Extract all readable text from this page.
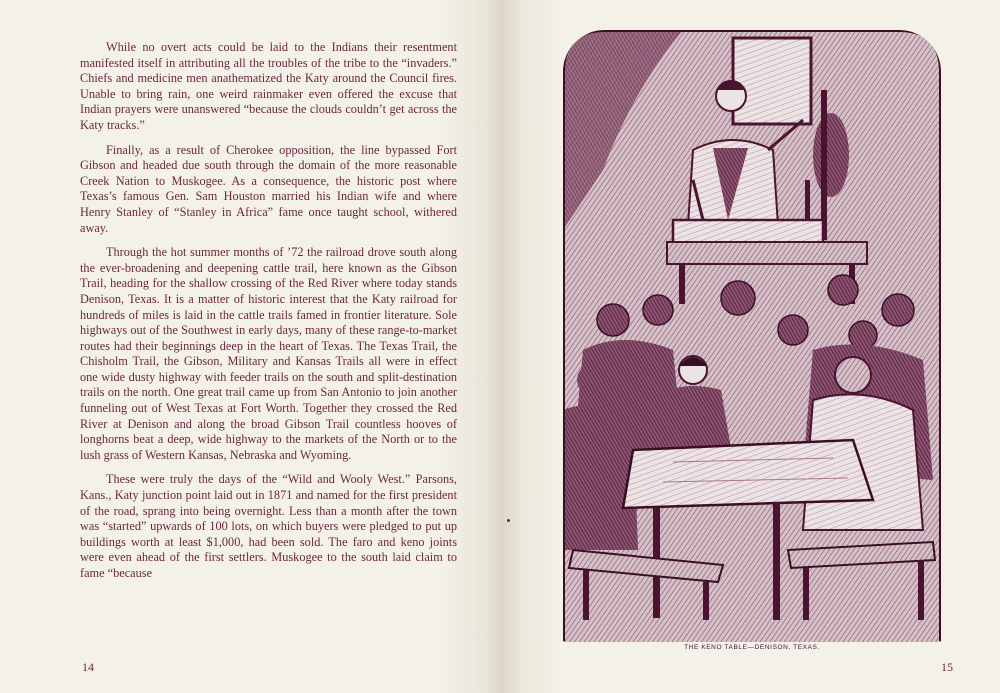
While no overt acts could be laid to the Indians their resentment manifested itself in attributing all the troubles of the tribe to the “invaders.” Chiefs and medicine men anathematized the Katy around the Council fires. Unable to bring rain, one weird rainmaker even offered the excuse that Indian prayers were unanswered “because the clouds couldn’t get across the Katy tracks.”

Finally, as a result of Cherokee opposition, the line bypassed Fort Gibson and headed due south through the domain of the more reasonable Creek Nation to Muskogee. As a consequence, the historic post where Texas’s famous Gen. Sam Houston married his Indian wife and where Henry Stanley of “Stanley in Africa” fame once taught school, withered away.

Through the hot summer months of ’72 the railroad drove south along the ever-broadening and deepening cattle trail, here known as the Gibson Trail, heading for the shallow crossing of the Red River where today stands Denison, Texas. It is a matter of historic interest that the Katy railroad for hundreds of miles is laid in the cattle trails famed in frontier literature. Sole highways out of the Southwest in early days, many of these range-to-market routes had their beginnings deep in the heart of Texas. The Texas Trail, the Chisholm Trail, the Gibson, Military and Kansas Trails all were in effect one wide dusty highway with feeder trails on the south and split-destination trails on the north. One great trail came up from San Antonio to join another funneling out of West Texas at Fort Worth. Together they crossed the Red River at Denison and along the broad Gibson Trail countless hooves of longhorns beat a deep, wide highway to the markets of the North or to the lush grass of Western Kansas, Nebraska and Wyoming.

These were truly the days of the “Wild and Wooly West.” Parsons, Kans., Katy junction point laid out in 1871 and named for the first president of the road, sprang into being overnight. Less than a month after the town was “started” upwards of 100 lots, on which buyers were pledged to put up buildings worth at least $1,000, had been sold. The faro and keno joints were even ahead of the first settlers. Muskogee to the south laid claim to fame “because

14	15
THE KENO TABLE—DENISON, TEXAS.
